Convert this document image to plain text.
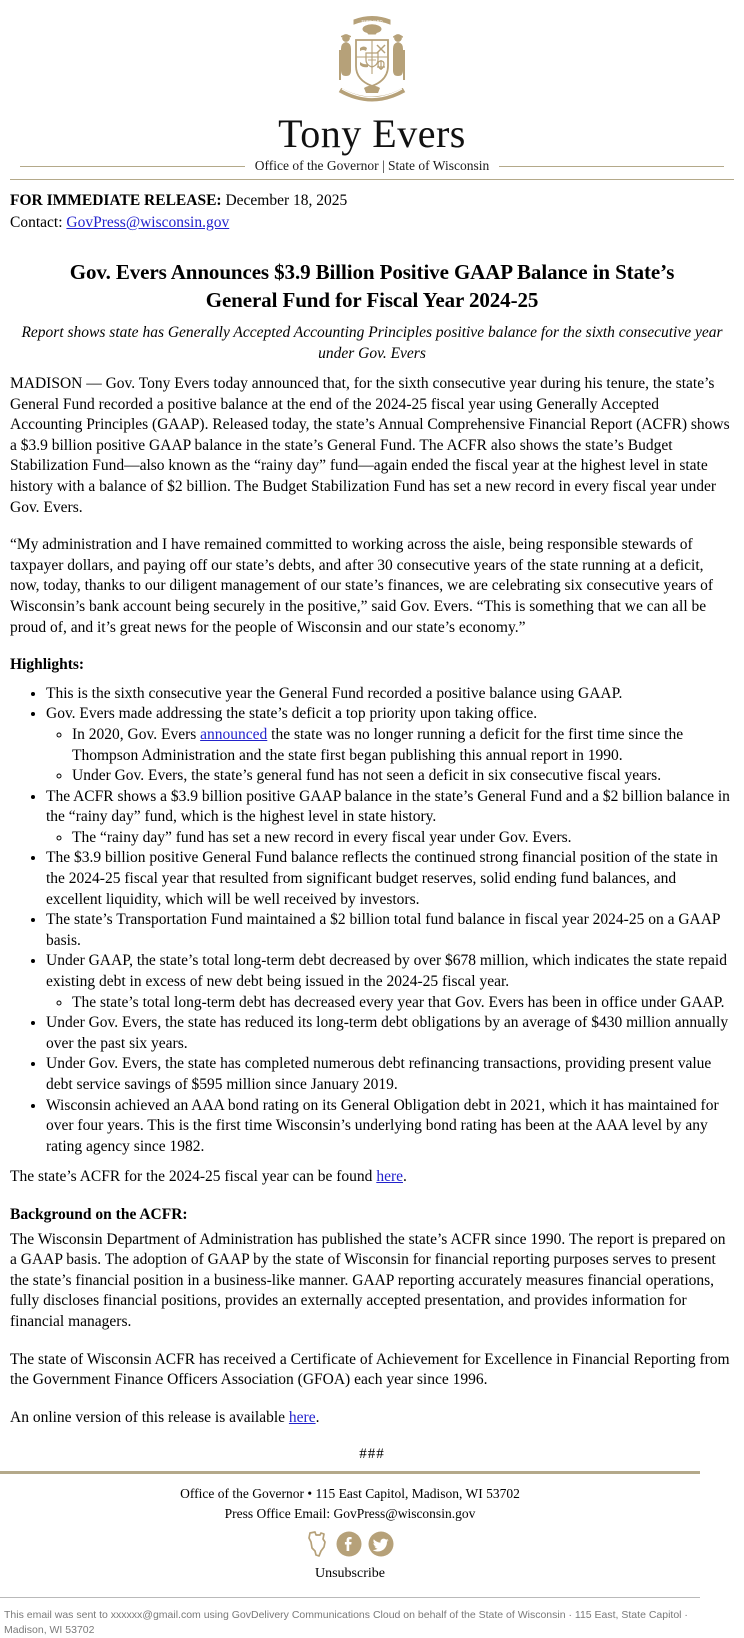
FORWARD
Tony Evers
Office of the Governor | State of Wisconsin
FOR IMMEDIATE RELEASE: December 18, 2025
Contact: GovPress@wisconsin.gov
Gov. Evers Announces $3.9 Billion Positive GAAP Balance in State’s General Fund for Fiscal Year 2024-25
Report shows state has Generally Accepted Accounting Principles positive balance for the sixth consecutive year under Gov. Evers

MADISON — Gov. Tony Evers today announced that, for the sixth consecutive year during his tenure, the state’s General Fund recorded a positive balance at the end of the 2024-25 fiscal year using Generally Accepted Accounting Principles (GAAP). Released today, the state’s Annual Comprehensive Financial Report (ACFR) shows a $3.9 billion positive GAAP balance in the state’s General Fund. The ACFR also shows the state’s Budget Stabilization Fund—also known as the “rainy day” fund—again ended the fiscal year at the highest level in state history with a balance of $2 billion. The Budget Stabilization Fund has set a new record in every fiscal year under Gov. Evers.

“My administration and I have remained committed to working across the aisle, being responsible stewards of taxpayer dollars, and paying off our state’s debts, and after 30 consecutive years of the state running at a deficit, now, today, thanks to our diligent management of our state’s finances, we are celebrating six consecutive years of Wisconsin’s bank account being securely in the positive,” said Gov. Evers. “This is something that we can all be proud of, and it’s great news for the people of Wisconsin and our state’s economy.”

Highlights:
• This is the sixth consecutive year the General Fund recorded a positive balance using GAAP.
• Gov. Evers made addressing the state’s deficit a top priority upon taking office.
◦ In 2020, Gov. Evers announced the state was no longer running a deficit for the first time since the Thompson Administration and the state first began publishing this annual report in 1990.
◦ Under Gov. Evers, the state’s general fund has not seen a deficit in six consecutive fiscal years.
• The ACFR shows a $3.9 billion positive GAAP balance in the state’s General Fund and a $2 billion balance in the “rainy day” fund, which is the highest level in state history.
◦ The “rainy day” fund has set a new record in every fiscal year under Gov. Evers.
• The $3.9 billion positive General Fund balance reflects the continued strong financial position of the state in the 2024-25 fiscal year that resulted from significant budget reserves, solid ending fund balances, and excellent liquidity, which will be well received by investors.
• The state’s Transportation Fund maintained a $2 billion total fund balance in fiscal year 2024-25 on a GAAP basis.
• Under GAAP, the state’s total long-term debt decreased by over $678 million, which indicates the state repaid existing debt in excess of new debt being issued in the 2024-25 fiscal year.
◦ The state’s total long-term debt has decreased every year that Gov. Evers has been in office under GAAP.
• Under Gov. Evers, the state has reduced its long-term debt obligations by an average of $430 million annually over the past six years.
• Under Gov. Evers, the state has completed numerous debt refinancing transactions, providing present value debt service savings of $595 million since January 2019.
• Wisconsin achieved an AAA bond rating on its General Obligation debt in 2021, which it has maintained for over four years. This is the first time Wisconsin’s underlying bond rating has been at the AAA level by any rating agency since 1982.

The state’s ACFR for the 2024-25 fiscal year can be found here.

Background on the ACFR:

The Wisconsin Department of Administration has published the state’s ACFR since 1990. The report is prepared on a GAAP basis. The adoption of GAAP by the state of Wisconsin for financial reporting purposes serves to present the state’s financial position in a business-like manner. GAAP reporting accurately measures financial operations, fully discloses financial positions, provides an externally accepted presentation, and provides information for financial managers.

The state of Wisconsin ACFR has received a Certificate of Achievement for Excellence in Financial Reporting from the Government Finance Officers Association (GFOA) each year since 1996.

An online version of this release is available here.

###
Office of the Governor • 115 East Capitol, Madison, WI 53702
Press Office Email: GovPress@wisconsin.gov
Unsubscribe
This email was sent to xxxxxx@gmail.com using GovDelivery Communications Cloud on behalf of the State of Wisconsin · 115 East, State Capitol · Madison, WI 53702
